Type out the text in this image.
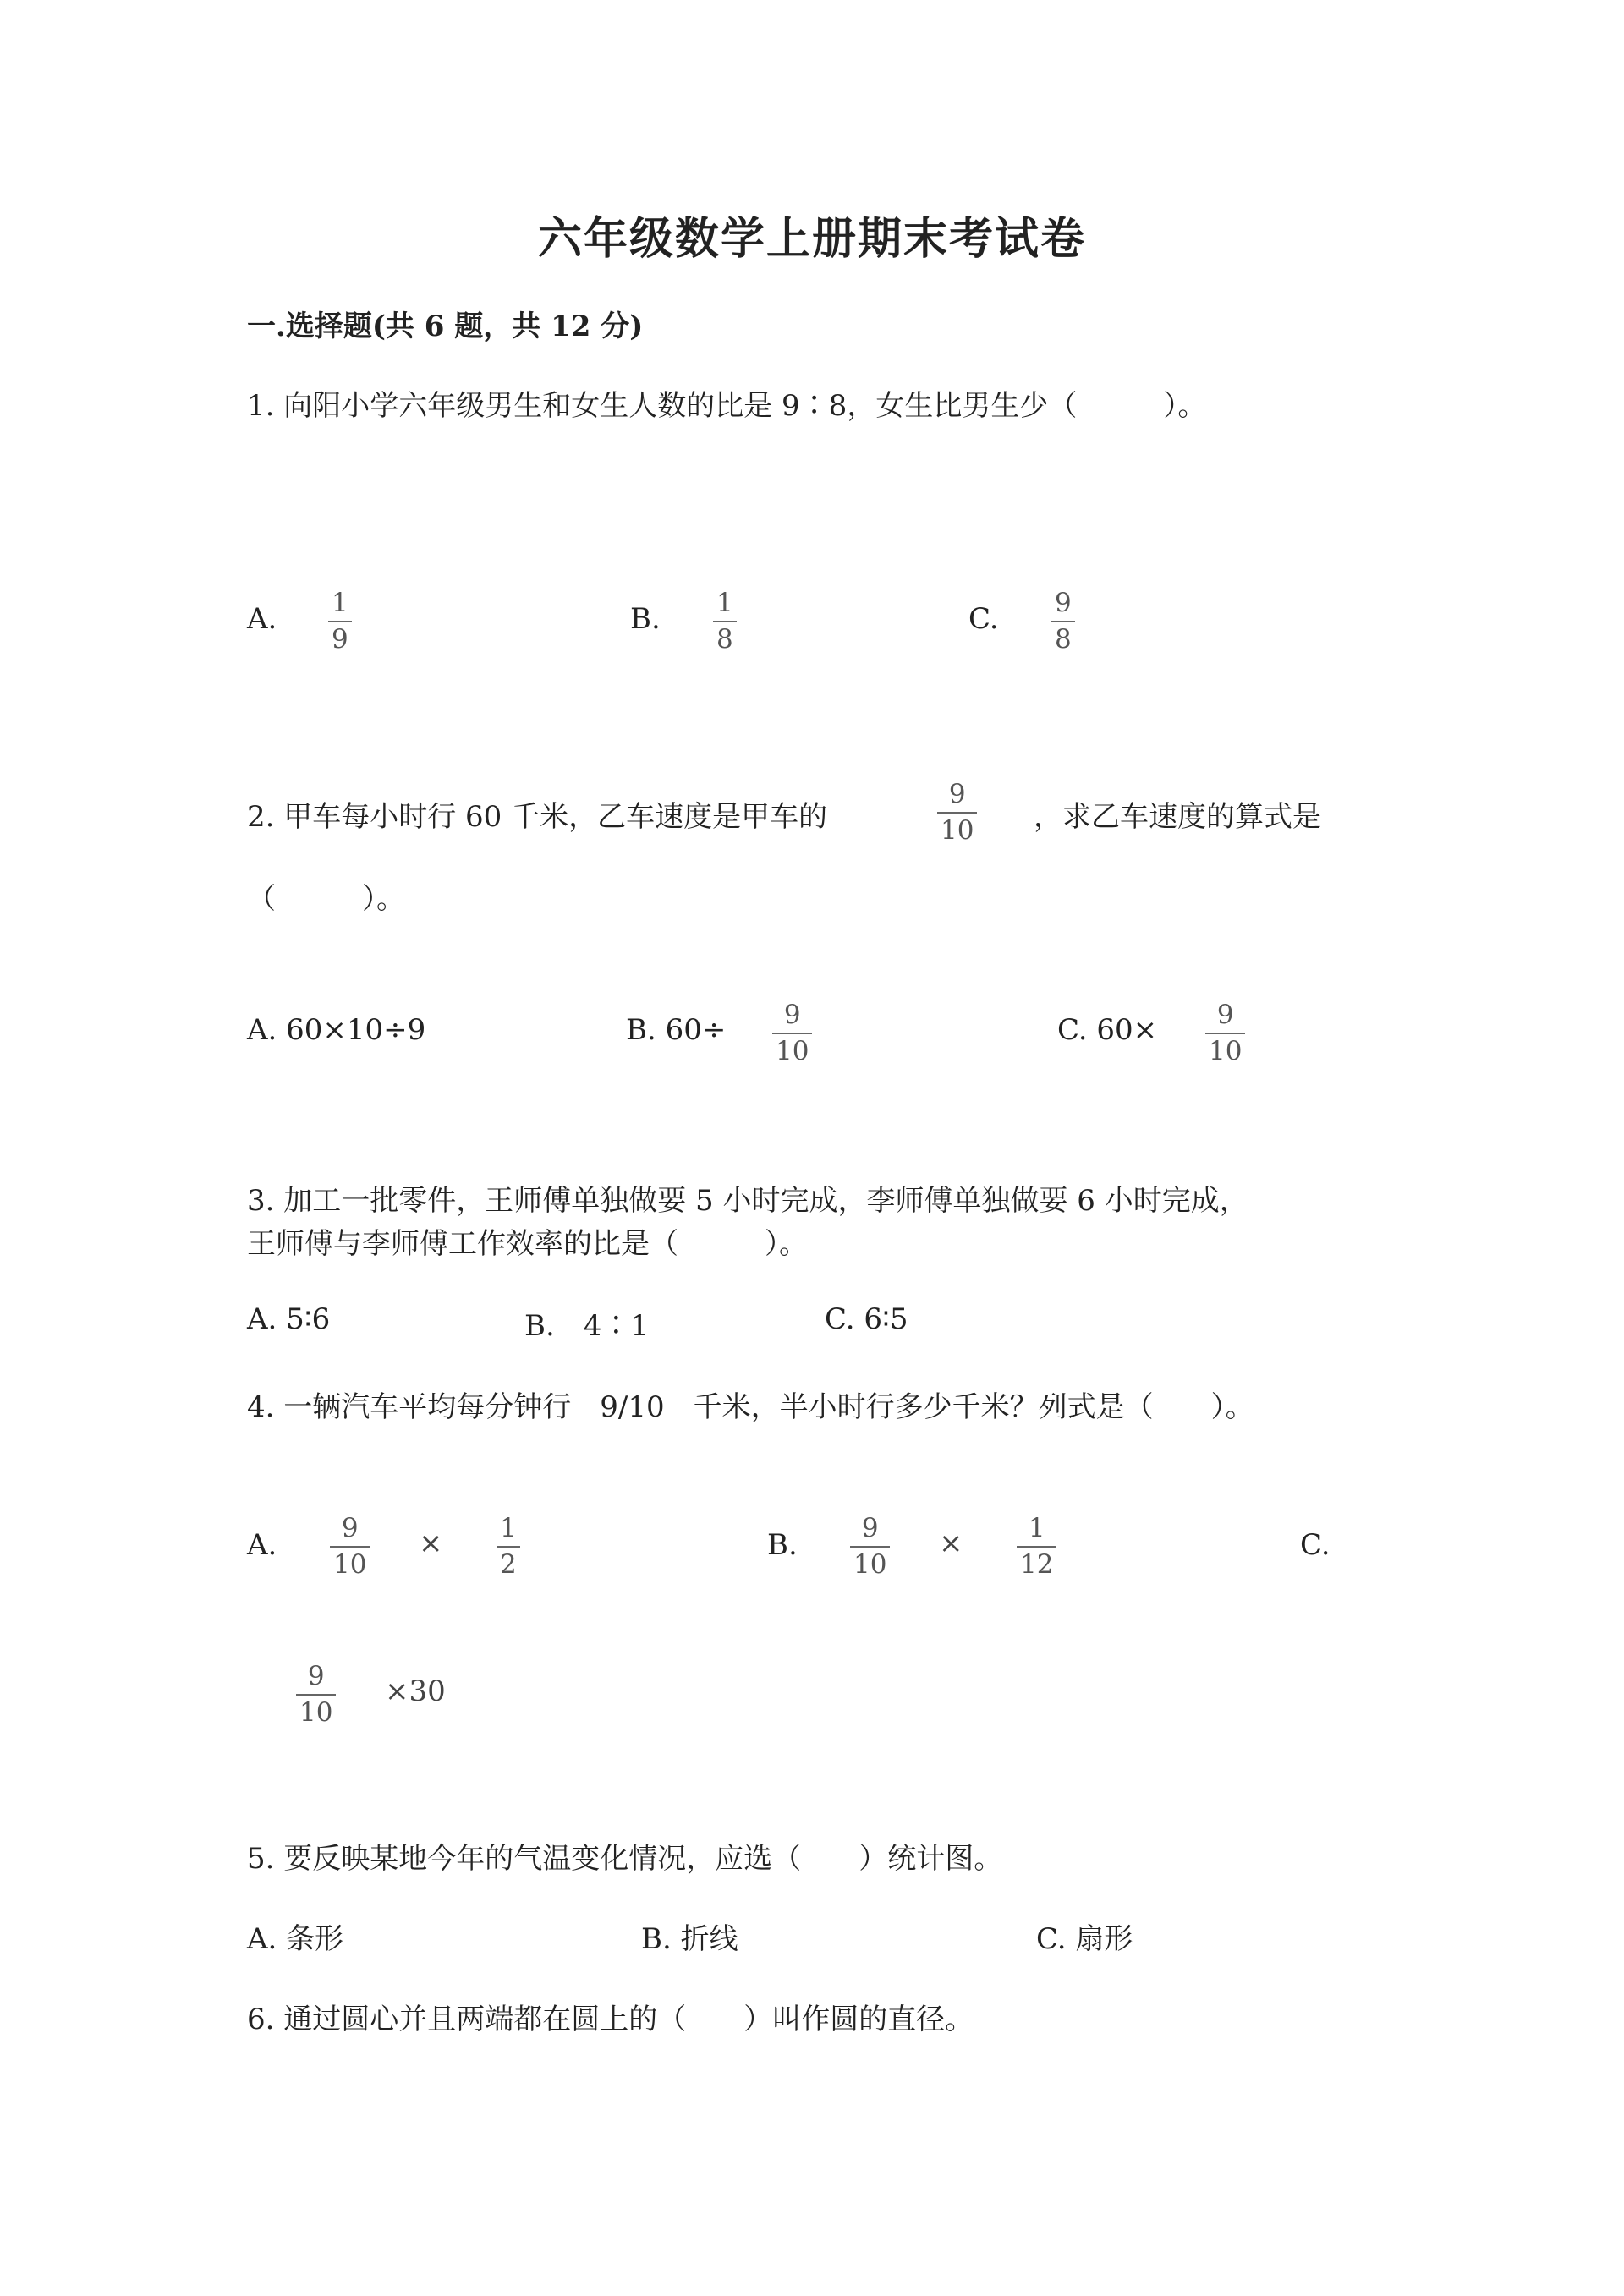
六年级数学上册期末考试卷
一.选择题(共 6 题，共 12 分)
1. 向阳小学六年级男生和女生人数的比是 9∶8，女生比男生少（　　　）。
A. $\frac{1}{9}$	B. $\frac{1}{8}$	C. $\frac{9}{8}$
2. 甲车每小时行 60 千米，乙车速度是甲车的	$\frac{9}{10}$ ，求乙车速度的算式是
（　　　）。
A. 60×10÷9	B. $60\div \frac{9}{10}$	C. $60\times \frac{9}{10}$
3. 加工一批零件，王师傅单独做要 5 小时完成，李师傅单独做要 6 小时完成，
王师傅与李师傅工作效率的比是（　　　）。
A. 5∶6	B.　4∶1	C. 6∶5
4. 一辆汽车平均每分钟行　9/10　千米，半小时行多少千米？列式是（　　）。
A. $\frac{9}{10} \times \frac{1}{2}$	B. $\frac{9}{10} \times \frac{1}{12}$	C.
$\frac{9}{10} \times 30$
5. 要反映某地今年的气温变化情况，应选（　　）统计图。
A. 条形	B. 折线	C. 扇形
6. 通过圆心并且两端都在圆上的（　　）叫作圆的直径。
